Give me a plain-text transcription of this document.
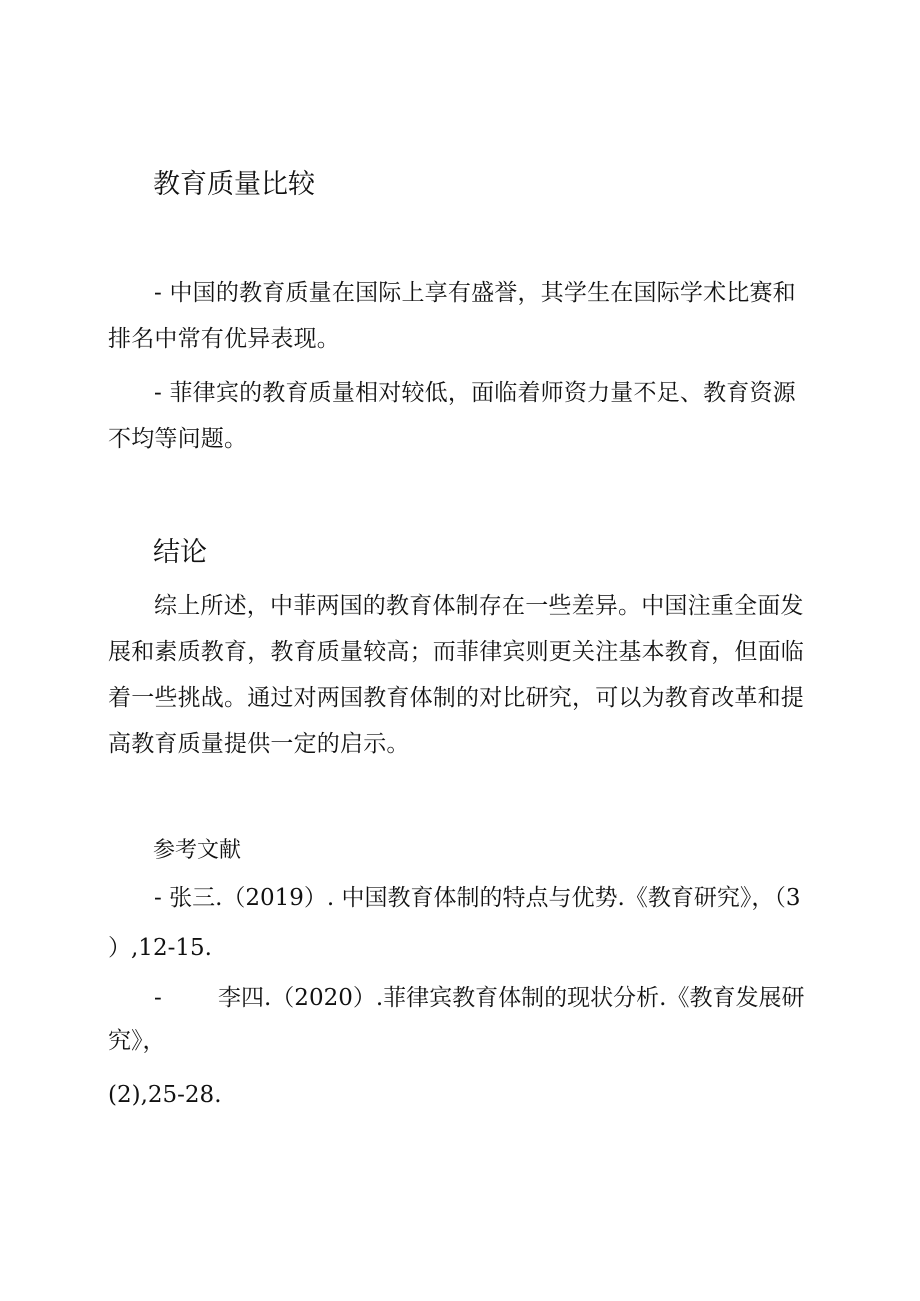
教育质量比较
- 中国的教育质量在国际上享有盛誉，其学生在国际学术比赛和排名中常有优异表现。
- 菲律宾的教育质量相对较低，面临着师资力量不足、教育资源不均等问题。
结论
综上所述，中菲两国的教育体制存在一些差异。中国注重全面发展和素质教育，教育质量较高；而菲律宾则更关注基本教育，但面临着一些挑战。通过对两国教育体制的对比研究，可以为教育改革和提高教育质量提供一定的启示。
参考文献
- 张三.（2019）. 中国教育体制的特点与优势.《教育研究》，（3
）,12-15.
- 李四.（2020）.菲律宾教育体制的现状分析.《教育发展研
究》，
(2),25-28.
